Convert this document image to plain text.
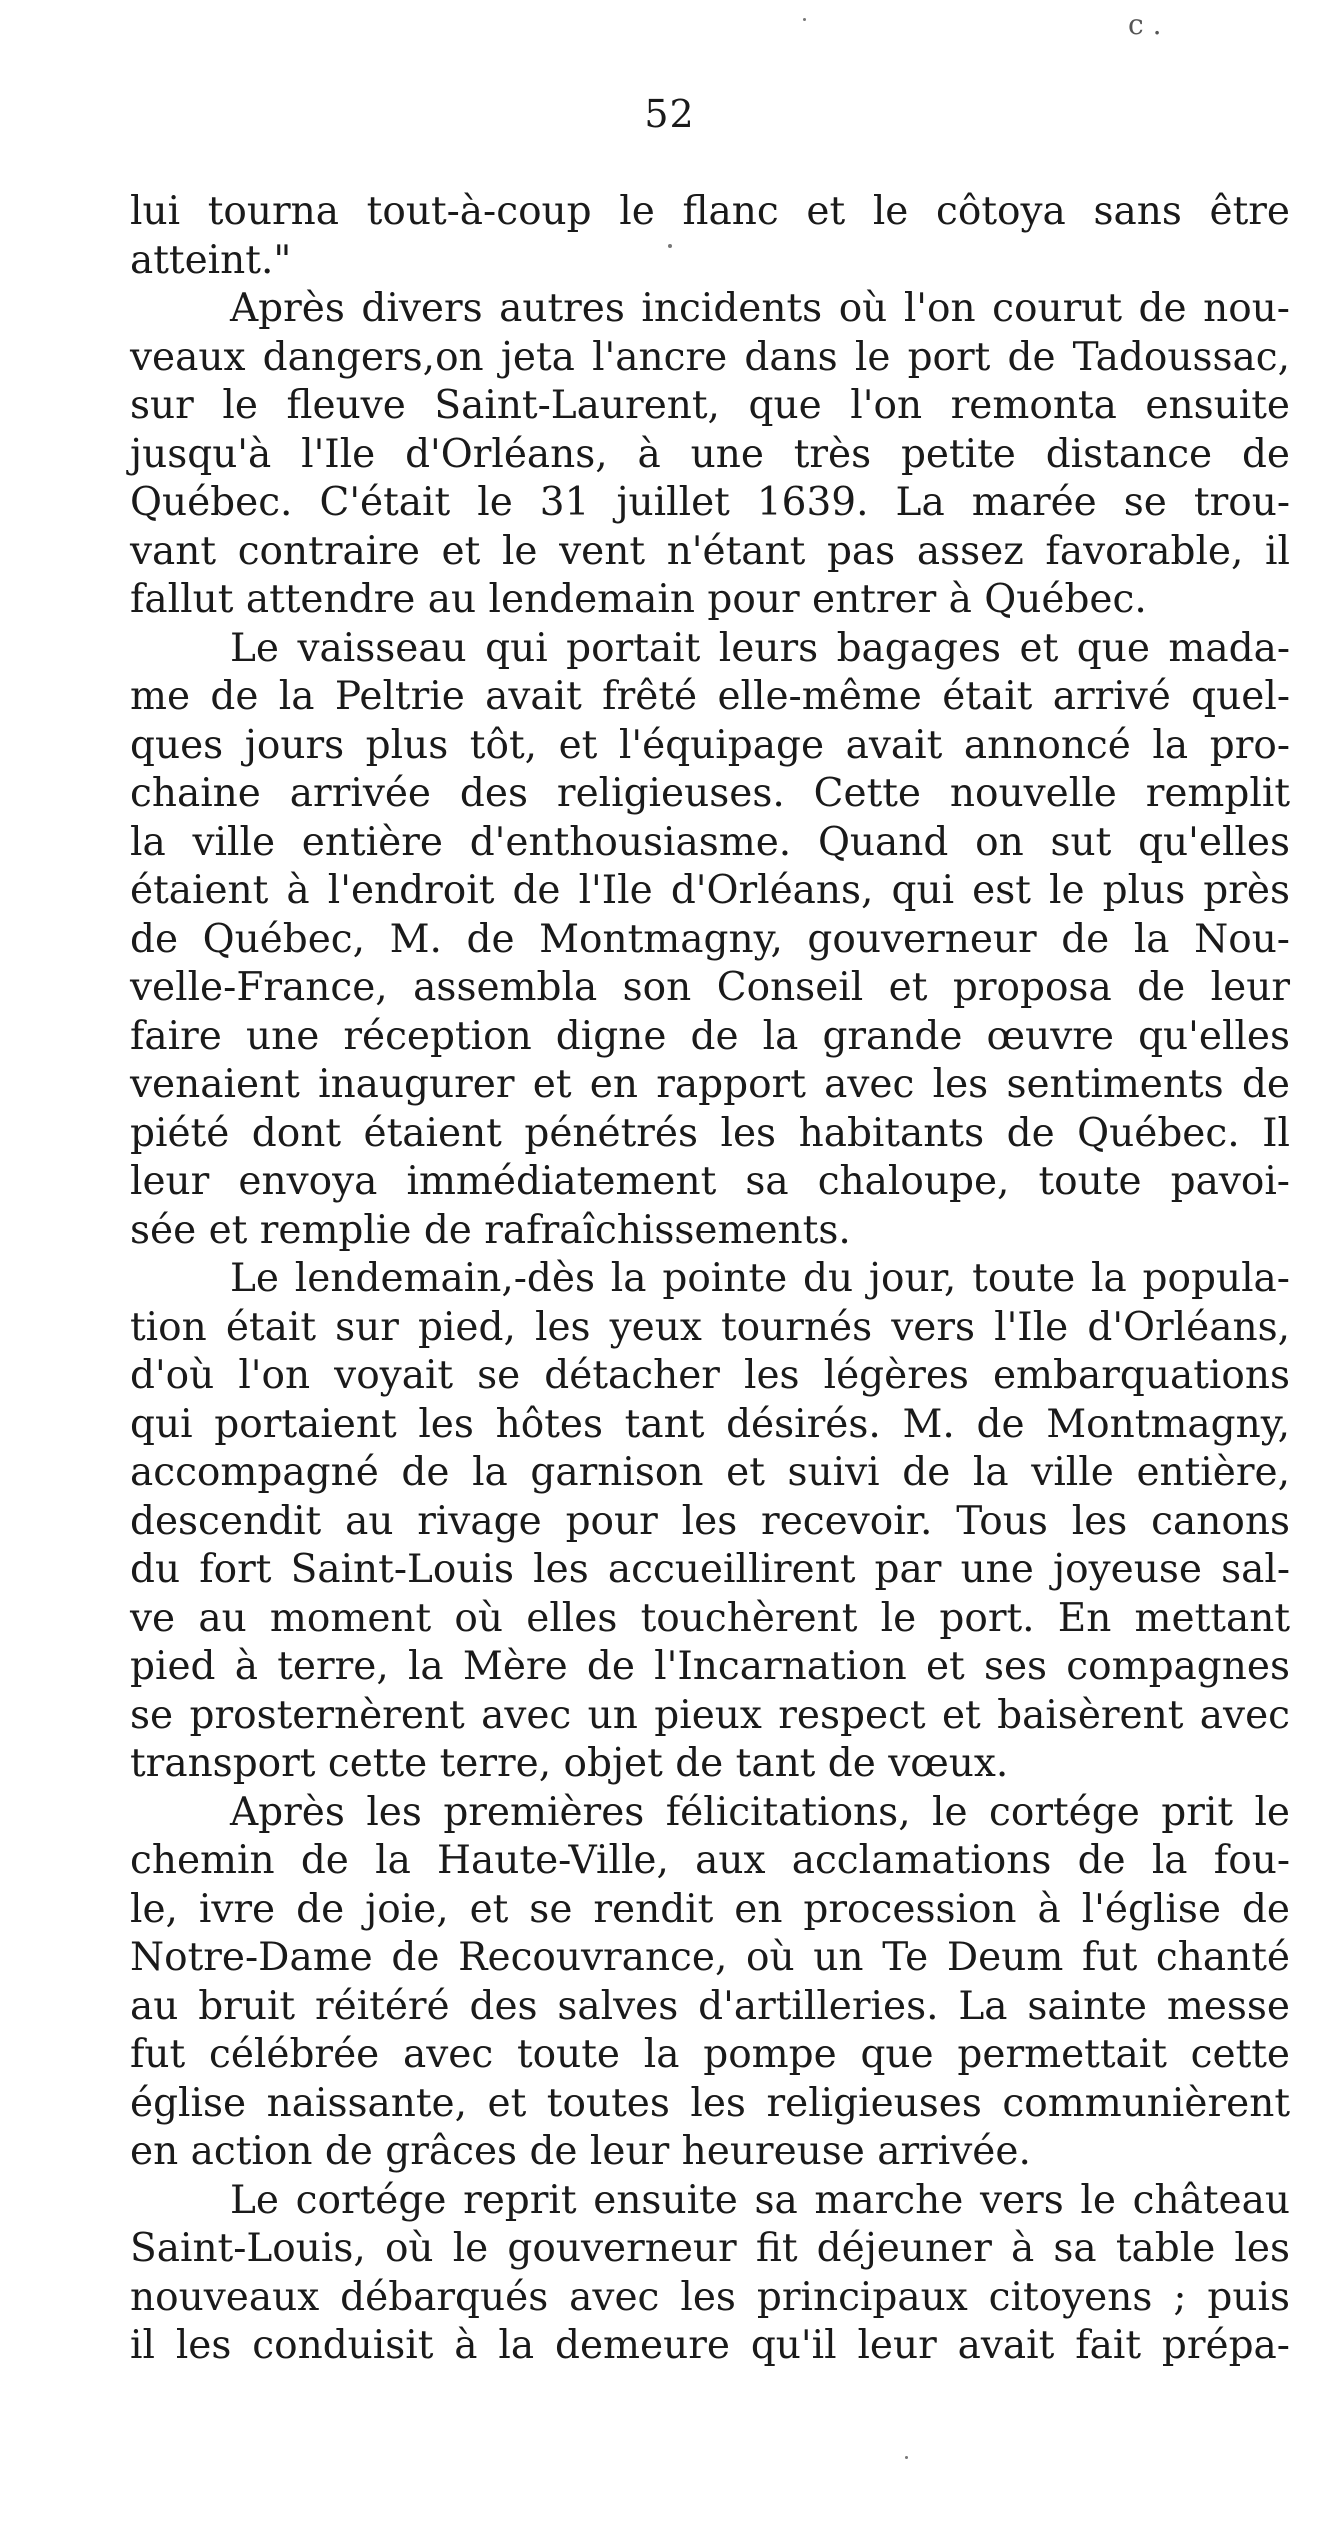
c .
52
lui tourna tout-à-coup le flanc et le côtoya sans être
atteint."
Après divers autres incidents où l'on courut de nou-
veaux dangers,on jeta l'ancre dans le port de Tadoussac,
sur le fleuve Saint-Laurent, que l'on remonta ensuite
jusqu'à l'Ile d'Orléans, à une très petite distance de
Québec. C'était le 31 juillet 1639. La marée se trou-
vant contraire et le vent n'étant pas assez favorable, il
fallut attendre au lendemain pour entrer à Québec.
Le vaisseau qui portait leurs bagages et que mada-
me de la Peltrie avait frêté elle-même était arrivé quel-
ques jours plus tôt, et l'équipage avait annoncé la pro-
chaine arrivée des religieuses. Cette nouvelle remplit
la ville entière d'enthousiasme. Quand on sut qu'elles
étaient à l'endroit de l'Ile d'Orléans, qui est le plus près
de Québec, M. de Montmagny, gouverneur de la Nou-
velle-France, assembla son Conseil et proposa de leur
faire une réception digne de la grande œuvre qu'elles
venaient inaugurer et en rapport avec les sentiments de
piété dont étaient pénétrés les habitants de Québec. Il
leur envoya immédiatement sa chaloupe, toute pavoi-
sée et remplie de rafraîchissements.
Le lendemain,-dès la pointe du jour, toute la popula-
tion était sur pied, les yeux tournés vers l'Ile d'Orléans,
d'où l'on voyait se détacher les légères embarquations
qui portaient les hôtes tant désirés. M. de Montmagny,
accompagné de la garnison et suivi de la ville entière,
descendit au rivage pour les recevoir. Tous les canons
du fort Saint-Louis les accueillirent par une joyeuse sal-
ve au moment où elles touchèrent le port. En mettant
pied à terre, la Mère de l'Incarnation et ses compagnes
se prosternèrent avec un pieux respect et baisèrent avec
transport cette terre, objet de tant de vœux.
Après les premières félicitations, le cortége prit le
chemin de la Haute-Ville, aux acclamations de la fou-
le, ivre de joie, et se rendit en procession à l'église de
Notre-Dame de Recouvrance, où un Te Deum fut chanté
au bruit réitéré des salves d'artilleries. La sainte messe
fut célébrée avec toute la pompe que permettait cette
église naissante, et toutes les religieuses communièrent
en action de grâces de leur heureuse arrivée.
Le cortége reprit ensuite sa marche vers le château
Saint-Louis, où le gouverneur fit déjeuner à sa table les
nouveaux débarqués avec les principaux citoyens ; puis
il les conduisit à la demeure qu'il leur avait fait prépa-
